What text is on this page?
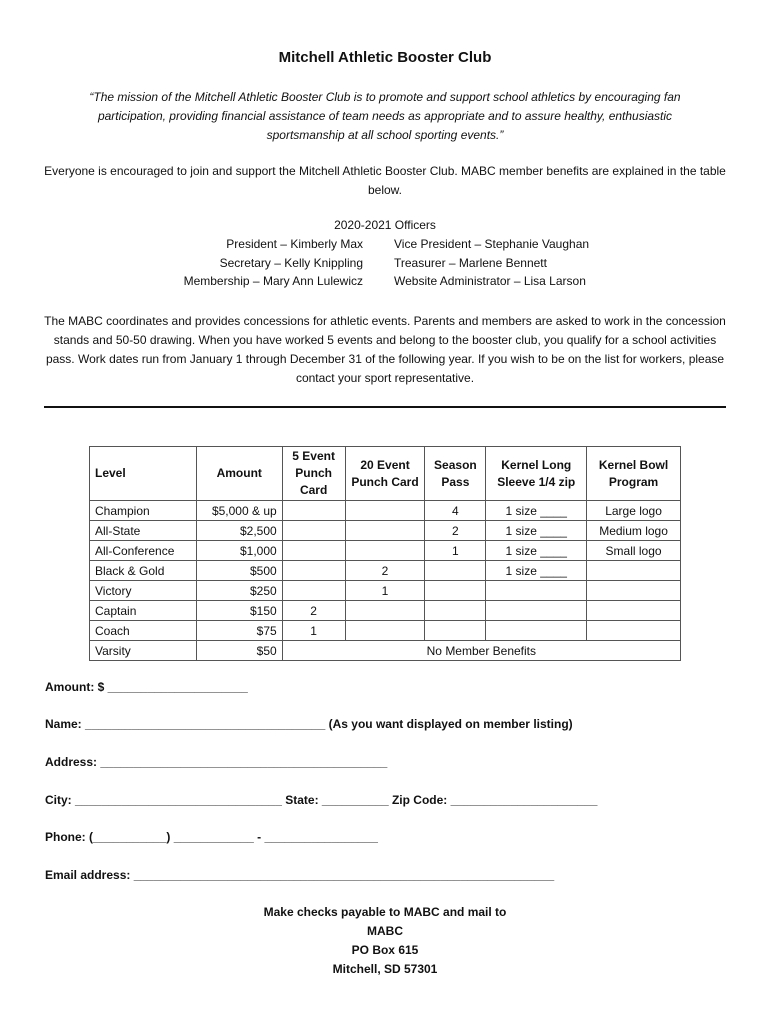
Mitchell Athletic Booster Club
“The mission of the Mitchell Athletic Booster Club is to promote and support school athletics by encouraging fan participation, providing financial assistance of team needs as appropriate and to assure healthy, enthusiastic sportsmanship at all school sporting events.”
Everyone is encouraged to join and support the Mitchell Athletic Booster Club. MABC member benefits are explained in the table below.
2020-2021 Officers
President – Kimberly Max	Vice President – Stephanie Vaughan
Secretary – Kelly Knippling	Treasurer – Marlene Bennett
Membership – Mary Ann Lulewicz	Website Administrator – Lisa Larson
The MABC coordinates and provides concessions for athletic events. Parents and members are asked to work in the concession stands and 50-50 drawing. When you have worked 5 events and belong to the booster club, you qualify for a school activities pass. Work dates run from January 1 through December 31 of the following year. If you wish to be on the list for workers, please contact your sport representative.
Level	Amount	5 Event Punch Card	20 Event Punch Card	Season Pass	Kernel Long Sleeve 1/4 zip	Kernel Bowl Program
Champion	$5,000 & up			4	1 size ____	Large logo
All-State	$2,500			2	1 size ____	Medium logo
All-Conference	$1,000			1	1 size ____	Small logo
Black & Gold	$500		2		1 size ____	
Victory	$250		1			
Captain	$150	2				
Coach	$75	1				
Varsity	$50	No Member Benefits				
Amount: $ _____________________
Name: ____________________________________ (As you want displayed on member listing)
Address: ___________________________________________
City: _______________________________ State: __________ Zip Code: ______________________
Phone: (___________) ____________ - _________________
Email address: _______________________________________________________________
Make checks payable to MABC and mail to
MABC
PO Box 615
Mitchell, SD 57301
